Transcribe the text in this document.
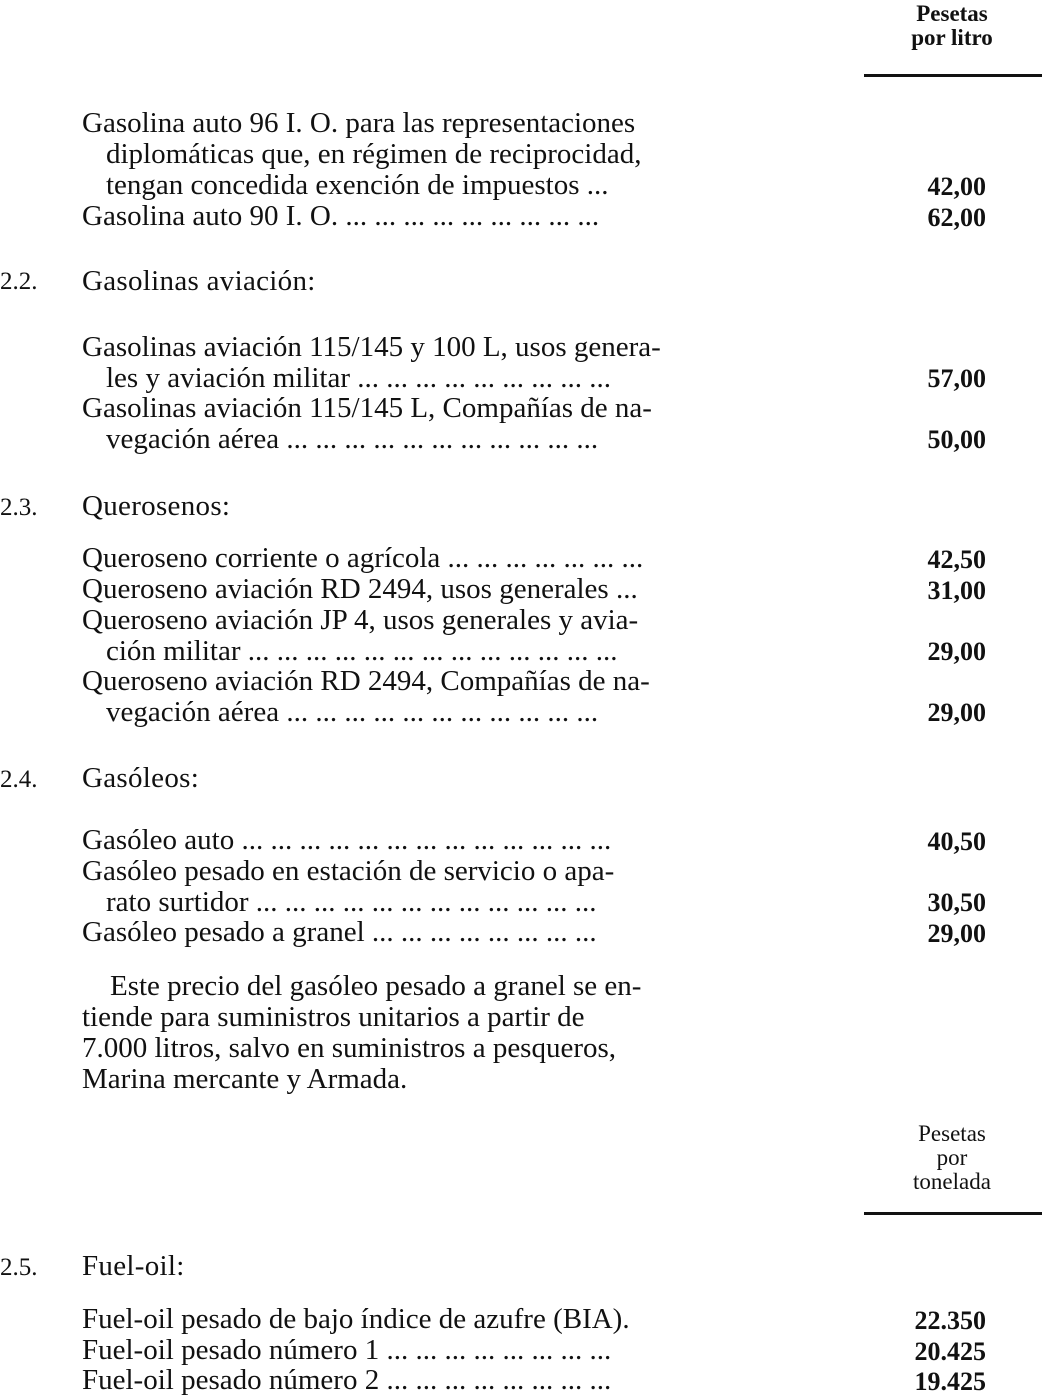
Pesetas
por litro
Gasolina auto 96 I. O. para las representaciones
diplomáticas que, en régimen de reciprocidad,
tengan concedida exención de impuestos ...	42,00
Gasolina auto 90 I. O. ... ... ... ... ... ... ... ... ...	62,00
2.2. Gasolinas aviación:
Gasolinas aviación 115/145 y 100 L, usos genera-
les y aviación militar ... ... ... ... ... ... ... ... ...	57,00
Gasolinas aviación 115/145 L, Compañías de na-
vegación aérea ... ... ... ... ... ... ... ... ... ... ...	50,00
2.3. Querosenos:
Queroseno corriente o agrícola ... ... ... ... ... ... ...	42,50
Queroseno aviación RD 2494, usos generales ...	31,00
Queroseno aviación JP 4, usos generales y avia-
ción militar ... ... ... ... ... ... ... ... ... ... ... ... ...	29,00
Queroseno aviación RD 2494, Compañías de na-
vegación aérea ... ... ... ... ... ... ... ... ... ... ...	29,00
2.4. Gasóleos:
Gasóleo auto ... ... ... ... ... ... ... ... ... ... ... ... ...	40,50
Gasóleo pesado en estación de servicio o apa-
rato surtidor ... ... ... ... ... ... ... ... ... ... ... ...	30,50
Gasóleo pesado a granel ... ... ... ... ... ... ... ...	29,00
Este precio del gasóleo pesado a granel se en-
tiende para suministros unitarios a partir de
7.000 litros, salvo en suministros a pesqueros,
Marina mercante y Armada.
Pesetas
por
tonelada
2.5. Fuel-oil:
Fuel-oil pesado de bajo índice de azufre (BIA).	22.350
Fuel-oil pesado número 1 ... ... ... ... ... ... ... ...	20.425
Fuel-oil pesado número 2 ... ... ... ... ... ... ... ...	19.425
